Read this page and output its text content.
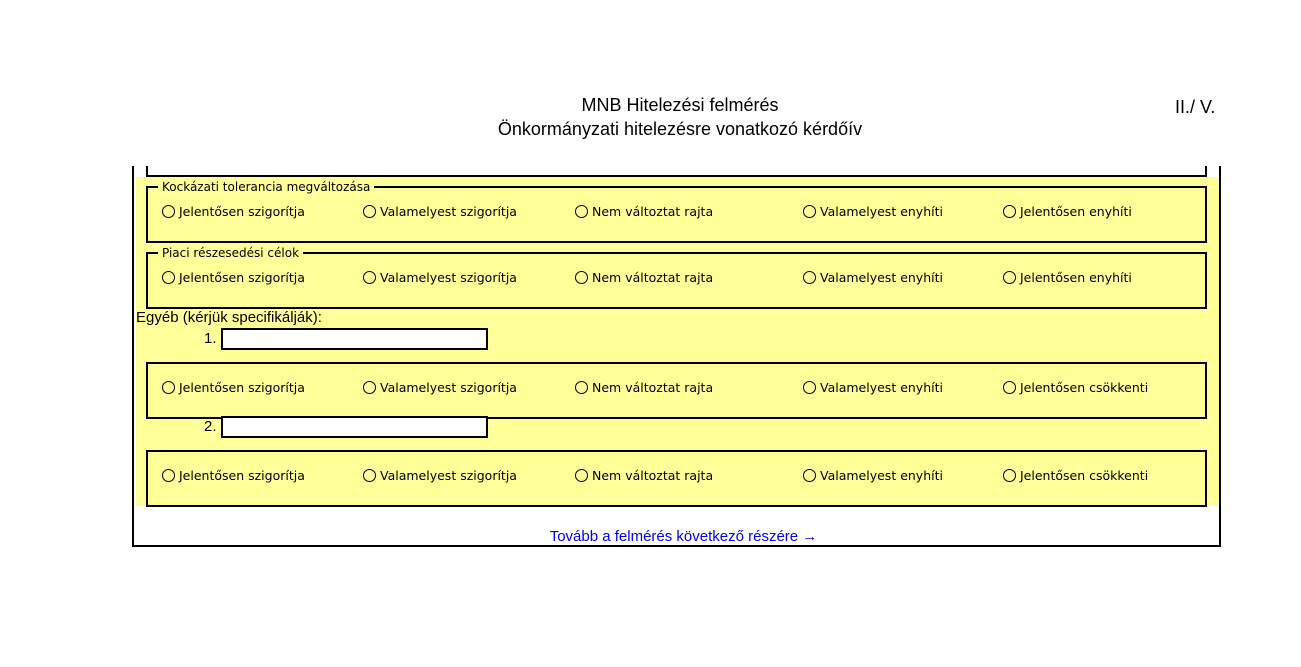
MNB Hitelezési felmérés
Önkormányzati hitelezésre vonatkozó kérdőív
II./ V.
Kockázati tolerancia megváltozása
Piaci részesedési célok
Egyéb (kérjük specifikálják):
1.
2.
Jelentősen szigorítja	Valamelyest szigorítja	Nem változtat rajta	Valamelyest enyhíti	Jelentősen enyhíti
Jelentősen szigorítja	Valamelyest szigorítja	Nem változtat rajta	Valamelyest enyhíti	Jelentősen enyhíti
Jelentősen szigorítja	Valamelyest szigorítja	Nem változtat rajta	Valamelyest enyhíti	Jelentősen csökkenti
Jelentősen szigorítja	Valamelyest szigorítja	Nem változtat rajta	Valamelyest enyhíti	Jelentősen csökkenti
Tovább a felmérés következő részére →
